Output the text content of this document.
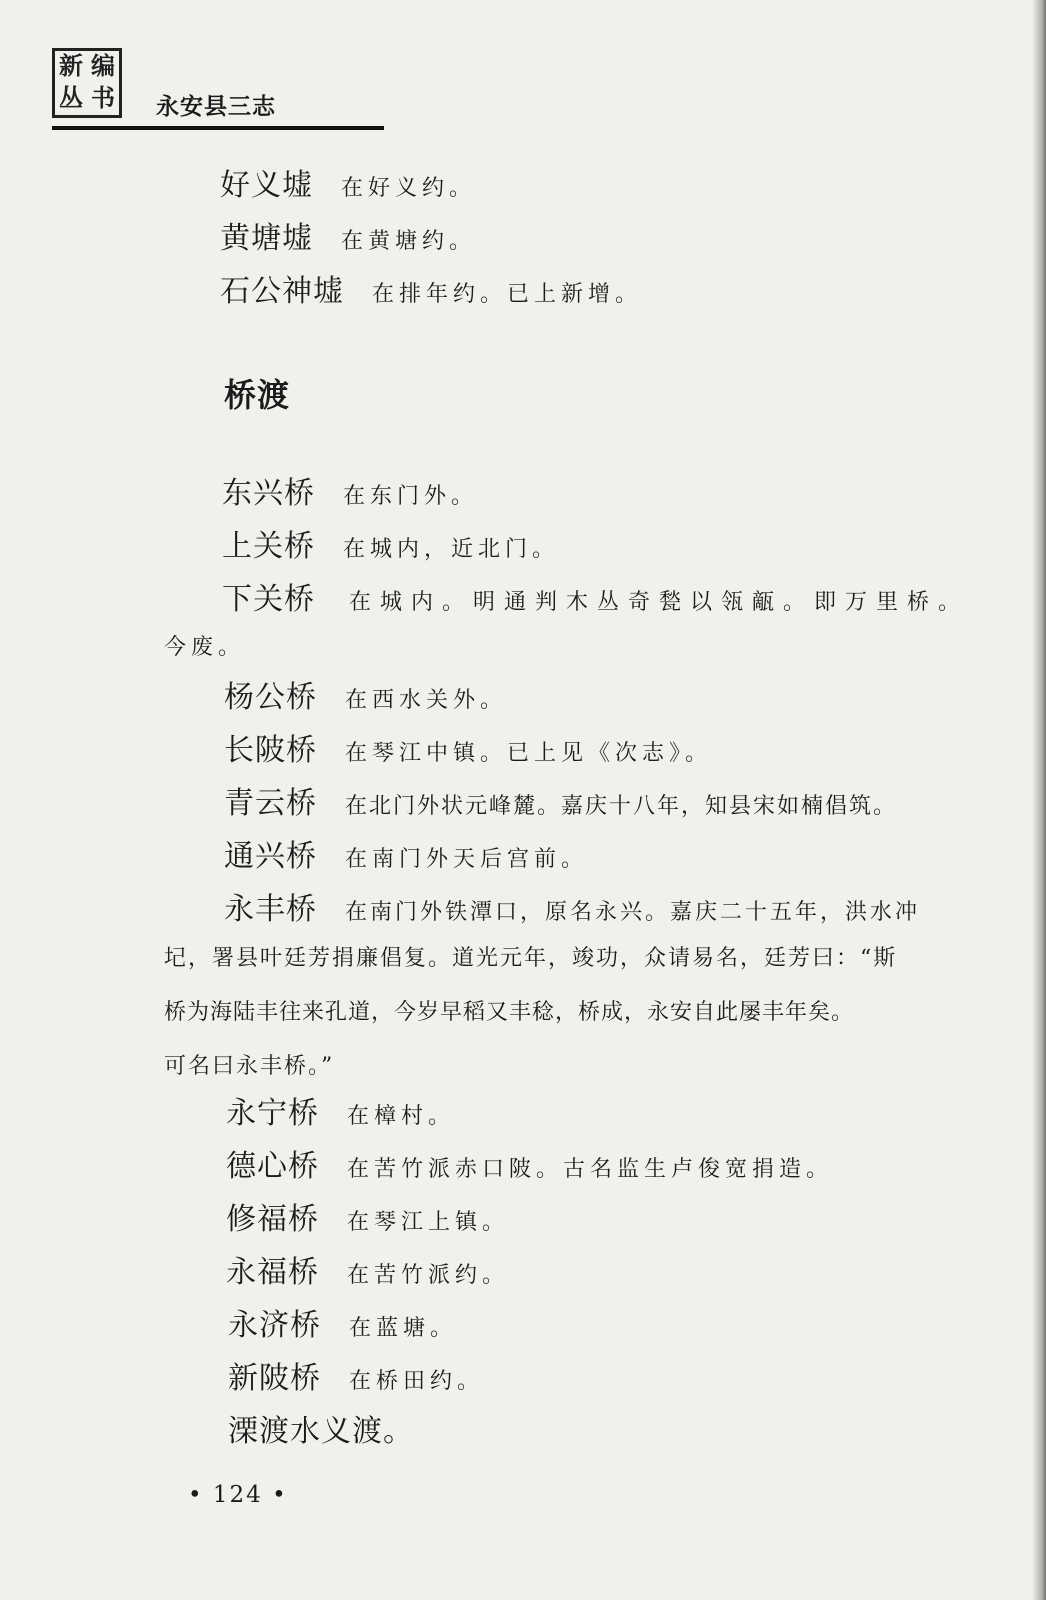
新 编
丛 书 永安县三志
好义墟 在好义约。
黄塘墟 在黄塘约。
石公神墟 在排年约。已上新增。
桥渡
东兴桥 在东门外。
上关桥 在城内，近北门。
下关桥 在城内。明通判木丛奇甃以瓴甋。即万里桥。
今废。
杨公桥 在西水关外。
长陂桥 在琴江中镇。已上见《次志》。
青云桥 在北门外状元峰麓。嘉庆十八年，知县宋如楠倡筑。
通兴桥 在南门外天后宫前。
永丰桥 在南门外铁潭口，原名永兴。嘉庆二十五年，洪水冲
圮，署县叶廷芳捐廉倡复。道光元年，竣功，众请易名，廷芳曰：“斯
桥为海陆丰往来孔道，今岁早稻又丰稔，桥成，永安自此屡丰年矣。
可名曰永丰桥。”
永宁桥 在樟村。
德心桥 在苦竹派赤口陂。古名监生卢俊宽捐造。
修福桥 在琴江上镇。
永福桥 在苦竹派约。
永济桥 在蓝塘。
新陂桥 在桥田约。
溧渡水义渡。
• 124 •
